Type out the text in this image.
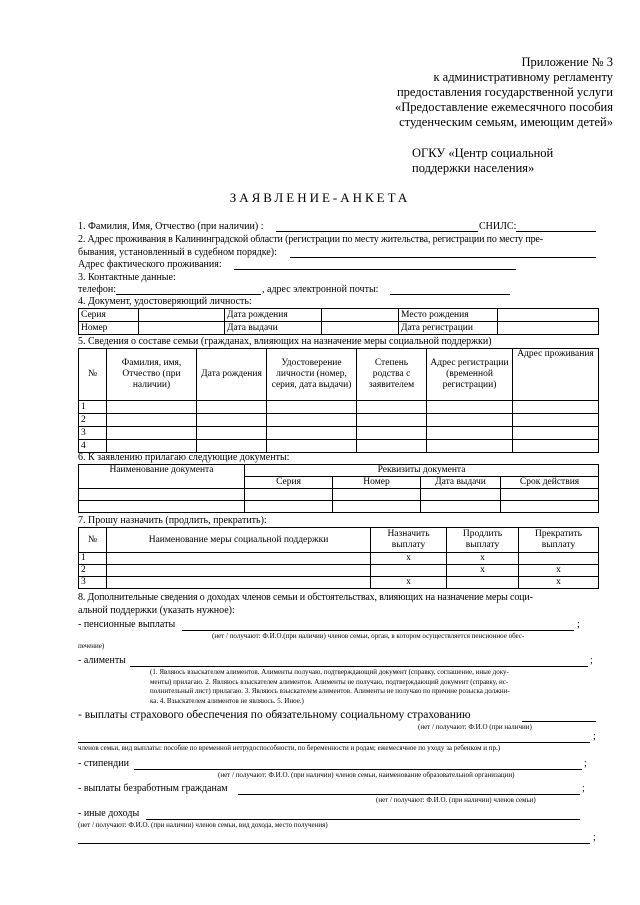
Приложение № 3
к административному регламенту
предоставления государственной услуги
«Предоставление ежемесячного пособия
студенческим семьям, имеющим детей»
ОГКУ «Центр социальной
поддержки населения»
ЗАЯВЛЕНИЕ-АНКЕТА
1. Фамилия, Имя, Отчество (при наличии) :	СНИЛС:
2. Адрес проживания в Калининградской области (регистрации по месту жительства, регистрации по месту пре-
бывания, установленный в судебном порядке):
Адрес фактического проживания:
3. Контактные данные:
телефон:	, адрес электронной почты:
4. Документ, удостоверяющий личность:
Серия		Дата рождения		Место рождения	
Номер		Дата выдачи		Дата регистрации	
5. Сведения о составе семьи (гражданах, влияющих на назначение меры социальной поддержки)
№	Фамилия, имя, Отчество (при наличии)	Дата рождения	Удостоверение личности (номер, серия, дата выдачи)	Степень родства с заявителем	Адрес регистрации (временной регистрации)	Адрес проживания
1						
2						
3						
4						
6. К заявлению прилагаю следующие документы:
Наименование документа	Реквизиты документа			
	Серия	Номер	Дата выдачи	Срок действия

7. Прошу назначить (продлить, прекратить):
№	Наименование меры социальной поддержки	Назначить выплату	Продлить выплату	Прекратить выплату
1		x	x	
2			x	x
3		x		x
8. Дополнительные сведения о доходах членов семьи и обстоятельствах, влияющих на назначение меры соци-
альной поддержки (указать нужное):
- пенсионные выплаты	;
(нет / получают: Ф.И.О.(при наличии) членов семьи, орган, в котором осуществляется пенсионное обес-
печение)
- алименты	;
(1. Являюсь взыскателем алиментов. Алименты получаю, подтверждающий документ (справку, соглашение, иные доку-
менты) прилагаю. 2. Являюсь взыскателем алиментов. Алименты не получаю, подтверждающий документ (справку, ис-
полнительный лист) прилагаю. 3. Являюсь взыскателем алиментов. Алименты не получаю по причине розыска должни-
ка. 4. Взыскателем алиментов не являюсь. 5. Иное.)
- выплаты страхового обеспечения по обязательному социальному страхованию
(нет / получают: Ф.И.О (при наличии)
;
членов семьи, вид выплаты: пособие по временной нетрудоспособности, по беременности и родам; ежемесячное по уходу за ребенком и пр.)
- стипендии	;
(нет / получают: Ф.И.О. (при наличии) членов семьи, наименование образовательной организации)
- выплаты безработным гражданам	;
(нет / получают: Ф.И.О. (при наличии) членов семьи)
- иные доходы
(нет / получают: Ф.И.О. (при наличии) членов семьи, вид дохода, место получения)
;
